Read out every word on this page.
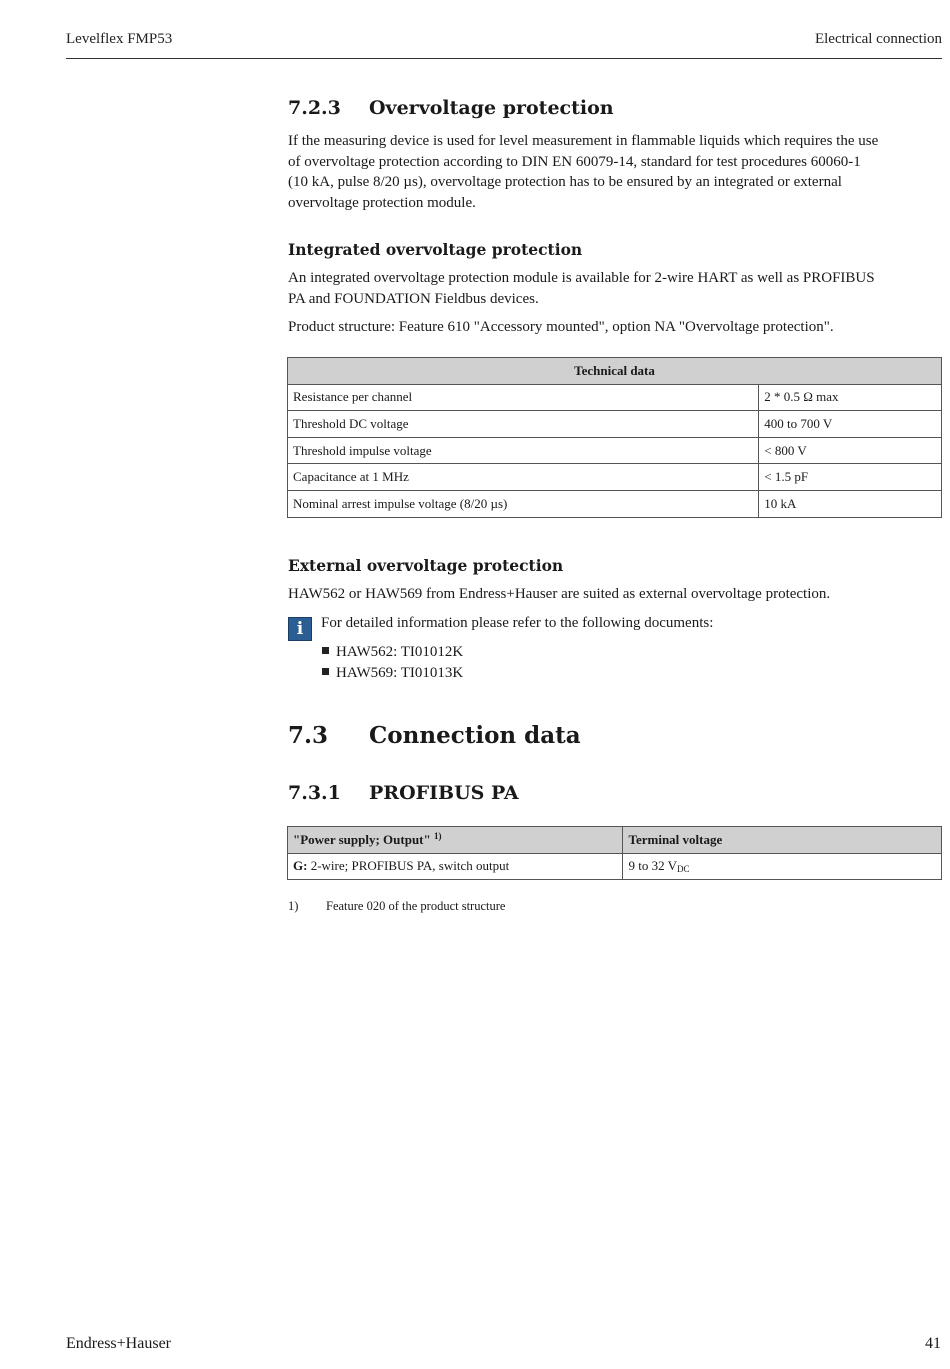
Levelflex FMP53	Electrical connection
7.2.3 Overvoltage protection
If the measuring device is used for level measurement in flammable liquids which requires the use
of overvoltage protection according to DIN EN 60079-14, standard for test procedures 60060-1
(10 kA, pulse 8/20 µs), overvoltage protection has to be ensured by an integrated or external
overvoltage protection module.
Integrated overvoltage protection
An integrated overvoltage protection module is available for 2-wire HART as well as PROFIBUS
PA and FOUNDATION Fieldbus devices.
Product structure: Feature 610 "Accessory mounted", option NA "Overvoltage protection".
Technical data	
Resistance per channel	2 * 0.5 Ω max
Threshold DC voltage	400 to 700 V
Threshold impulse voltage	< 800 V
Capacitance at 1 MHz	< 1.5 pF
Nominal arrest impulse voltage (8/20 µs)	10 kA
External overvoltage protection
HAW562 or HAW569 from Endress+Hauser are suited as external overvoltage protection.
i	For detailed information please refer to the following documents:
HAW562: TI01012K
HAW569: TI01013K
7.3 Connection data
7.3.1 PROFIBUS PA
"Power supply; Output" $^{1)}$	Terminal voltage
G: 2-wire; PROFIBUS PA, switch output	9 to 32 $V_{DC}$
1) Feature 020 of the product structure
Endress+Hauser	41
